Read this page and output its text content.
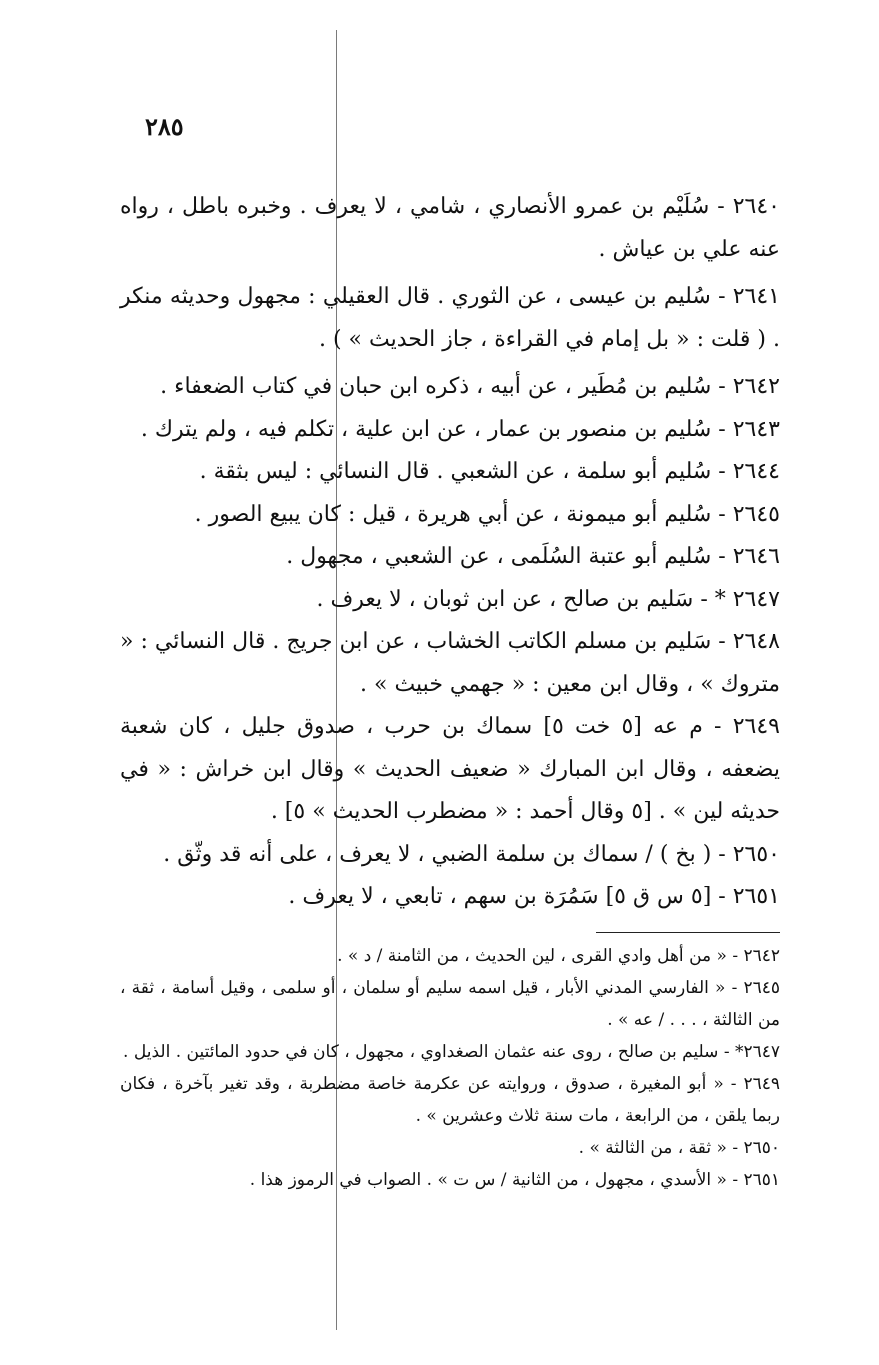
٢٨٥

٢٦٤٠ - سُلَيْم بن عمرو الأنصاري ، شامي ، لا يعرف . وخبره باطل ، رواه عنه علي بن عياش .

٢٦٤١ - سُليم بن عيسى ، عن الثوري . قال العقيلي : مجهول وحديثه منكر . ( قلت : « بل إمام في القراءة ، جاز الحديث » ) .

٢٦٤٢ - سُليم بن مُطَير ، عن أبيه ، ذكره ابن حبان في كتاب الضعفاء .

٢٦٤٣ - سُليم بن منصور بن عمار ، عن ابن علية ، تكلم فيه ، ولم يترك .

٢٦٤٤ - سُليم أبو سلمة ، عن الشعبي . قال النسائي : ليس بثقة .

٢٦٤٥ - سُليم أبو ميمونة ، عن أبي هريرة ، قيل : كان يبيع الصور .

٢٦٤٦ - سُليم أبو عتبة السُلَمى ، عن الشعبي ، مجهول .

٢٦٤٧ * - سَليم بن صالح ، عن ابن ثوبان ، لا يعرف .

٢٦٤٨ - سَليم بن مسلم الكاتب الخشاب ، عن ابن جريج . قال النسائي : « متروك » ، وقال ابن معين : « جهمي خبيث » .

٢٦٤٩ - م عه [٥ خت ٥] سماك بن حرب ، صدوق جليل ، كان شعبة يضعفه ، وقال ابن المبارك « ضعيف الحديث » وقال ابن خراش : « في حديثه لين » . [٥ وقال أحمد : « مضطرب الحديث » ٥] .

٢٦٥٠ - ( بخ ) / سماك بن سلمة الضبي ، لا يعرف ، على أنه قد وثّق .

٢٦٥١ - [٥ س ق ٥] سَمُرَة بن سهم ، تابعي ، لا يعرف .

٢٦٤٢ - « من أهل وادي القرى ، لين الحديث ، من الثامنة / د » .

٢٦٤٥ - « الفارسي المدني الأبار ، قيل اسمه سليم أو سلمان ، أو سلمى ، وقيل أسامة ، ثقة ، من الثالثة ، . . . / عه » .

٢٦٤٧* - سليم بن صالح ، روى عنه عثمان الصغداوي ، مجهول ، كان في حدود المائتين . الذيل .

٢٦٤٩ - « أبو المغيرة ، صدوق ، وروايته عن عكرمة خاصة مضطربة ، وقد تغير بآخرة ، فكان ربما يلقن ، من الرابعة ، مات سنة ثلاث وعشرين » .

٢٦٥٠ - « ثقة ، من الثالثة » .

٢٦٥١ - « الأسدي ، مجهول ، من الثانية / س ت » . الصواب في الرموز هذا .
